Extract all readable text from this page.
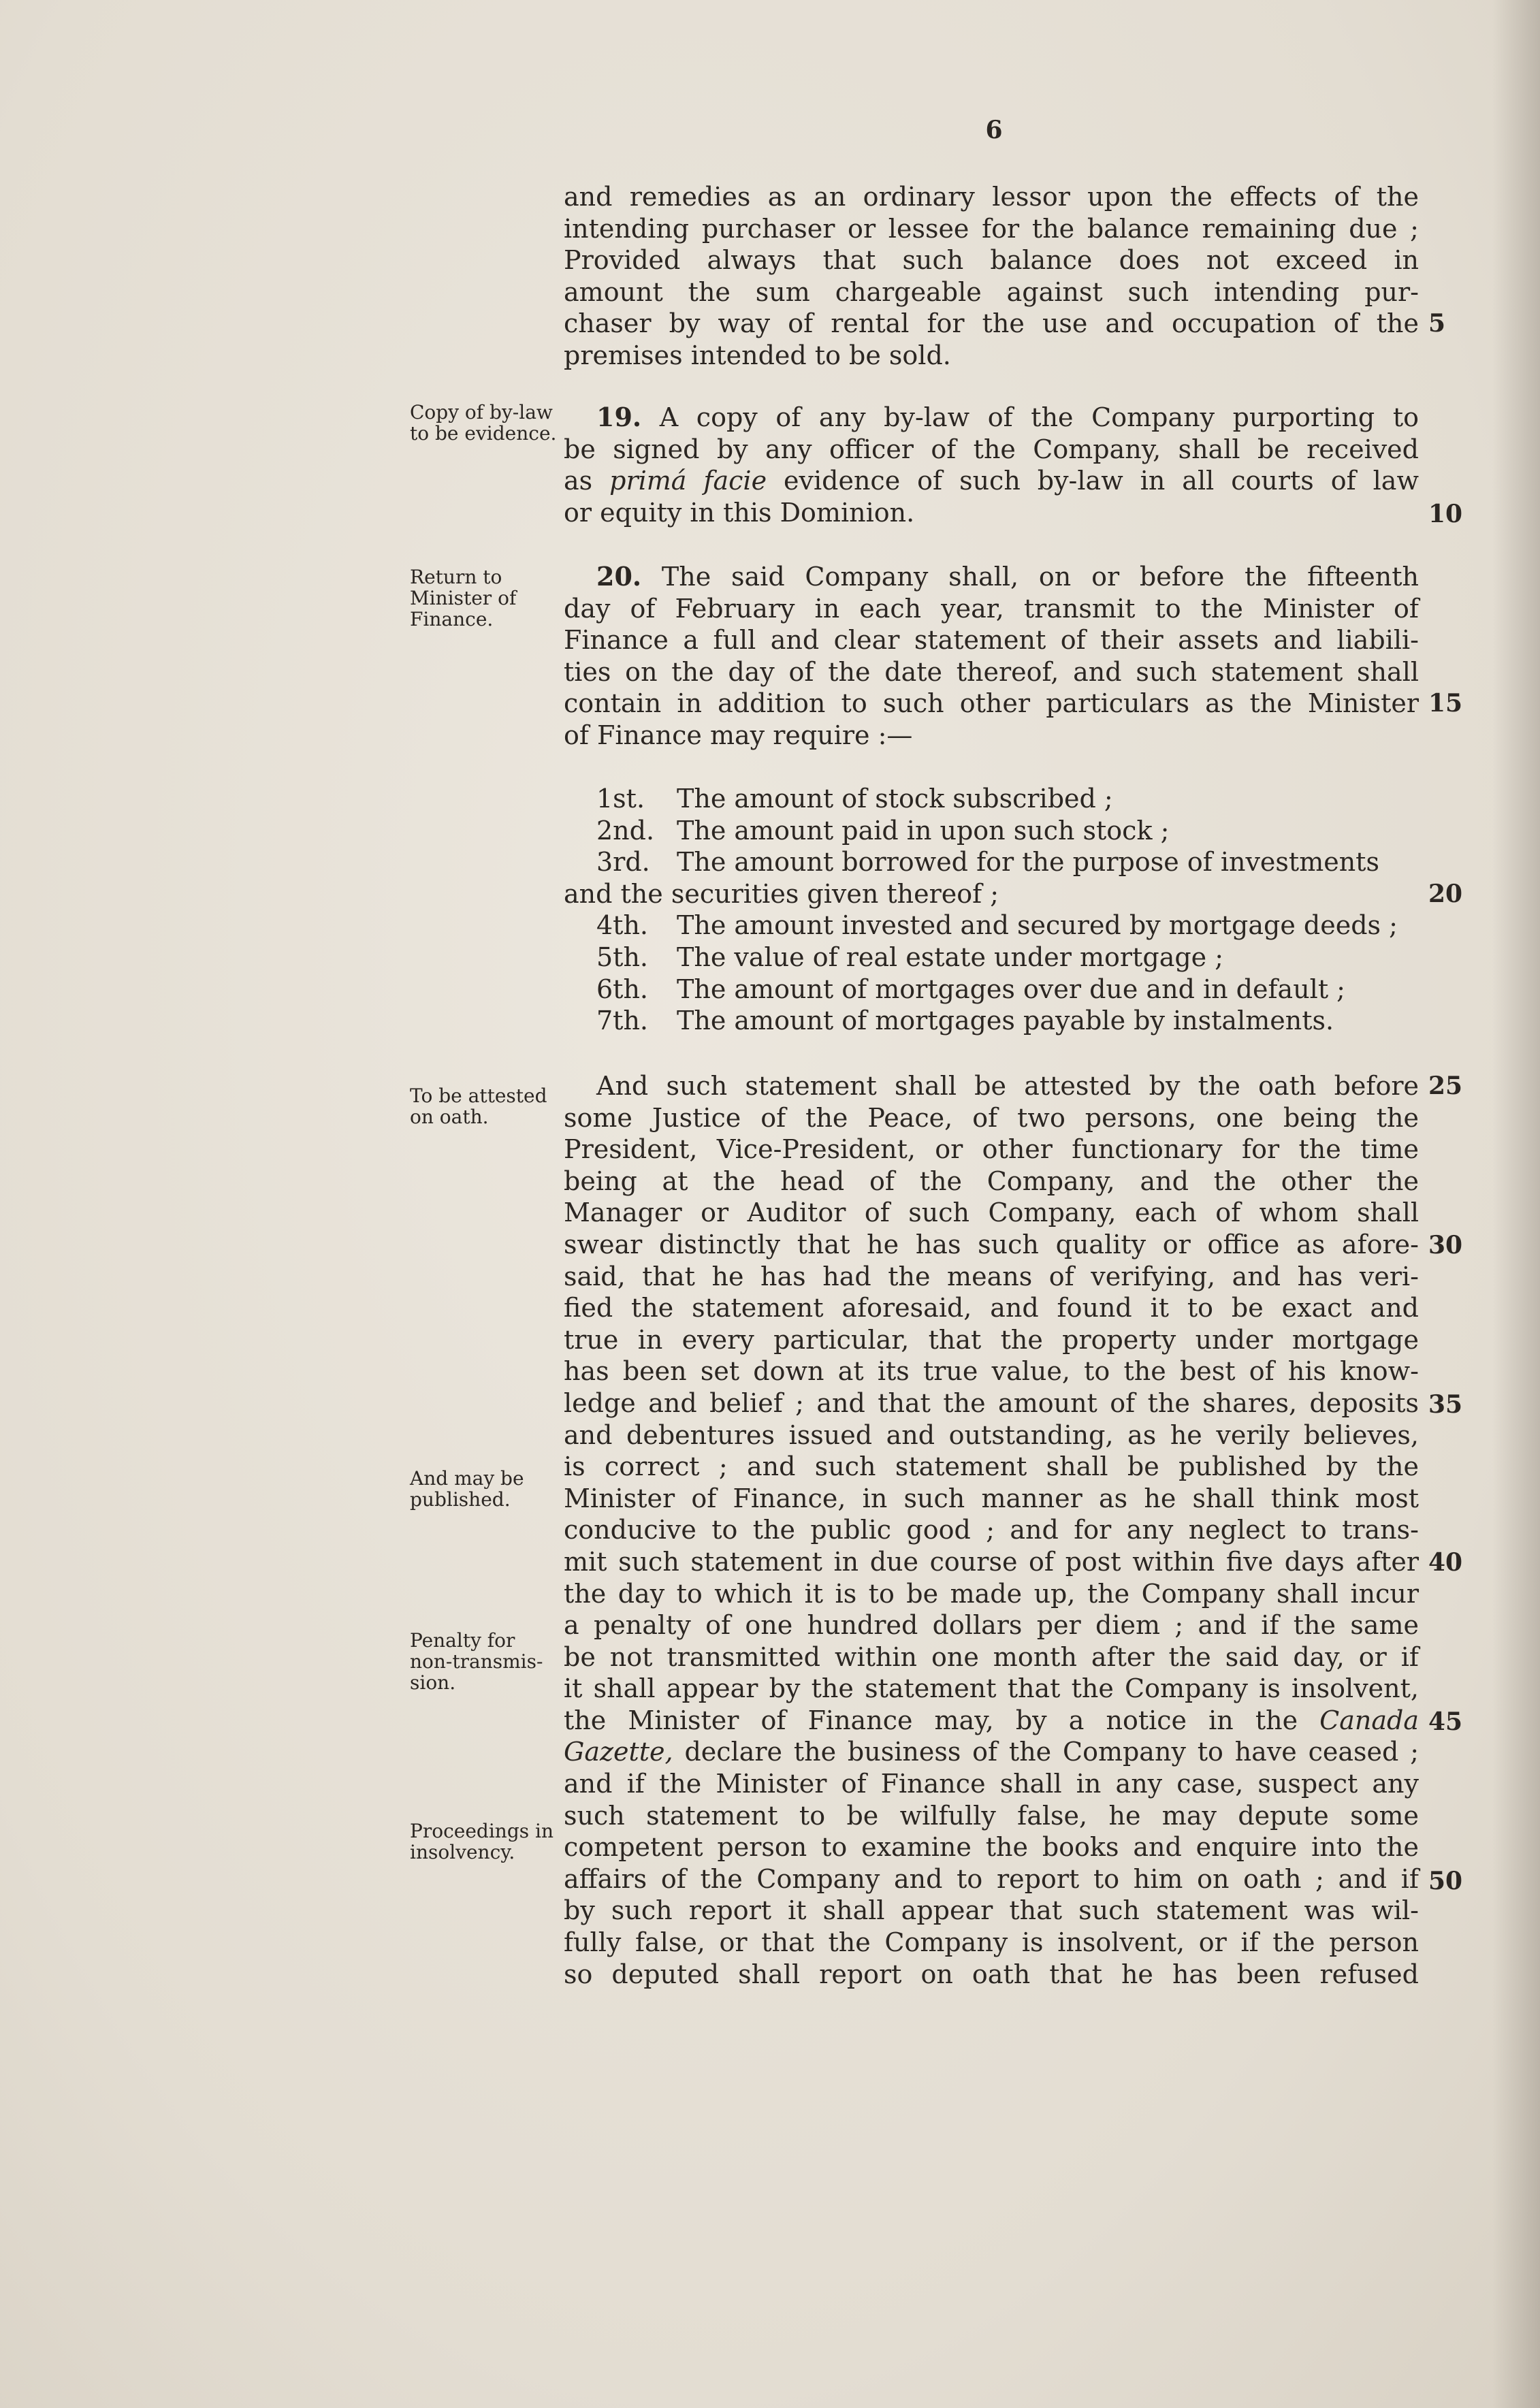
6
and remedies as an ordinary lessor upon the effects of the
intending purchaser or lessee for the balance remaining due ;
Provided always that such balance does not exceed in
amount the sum chargeable against such intending pur-
chaser by way of rental for the use and occupation of the
premises intended to be sold.
Copy of by-law to be evidence.
19. A copy of any by-law of the Company purporting to
be signed by any officer of the Company, shall be received
as primá facie evidence of such by-law in all courts of law
or equity in this Dominion.
Return to Minister of Finance.
20. The said Company shall, on or before the fifteenth
day of February in each year, transmit to the Minister of
Finance a full and clear statement of their assets and liabili-
ties on the day of the date thereof, and such statement shall
contain in addition to such other particulars as the Minister
of Finance may require :—
1st. The amount of stock subscribed ;
2nd. The amount paid in upon such stock ;
3rd. The amount borrowed for the purpose of investments
and the securities given thereof ;
4th. The amount invested and secured by mortgage deeds ;
5th. The value of real estate under mortgage ;
6th. The amount of mortgages over due and in default ;
7th. The amount of mortgages payable by instalments.
To be attested on oath.
And may be published.
Penalty for non-transmis-sion.
Proceedings in insolvency.
And such statement shall be attested by the oath before
some Justice of the Peace, of two persons, one being the
President, Vice-President, or other functionary for the time
being at the head of the Company, and the other the
Manager or Auditor of such Company, each of whom shall
swear distinctly that he has such quality or office as afore-
said, that he has had the means of verifying, and has veri-
fied the statement aforesaid, and found it to be exact and
true in every particular, that the property under mortgage
has been set down at its true value, to the best of his know-
ledge and belief ; and that the amount of the shares, deposits
and debentures issued and outstanding, as he verily believes,
is correct ; and such statement shall be published by the
Minister of Finance, in such manner as he shall think most
conducive to the public good ; and for any neglect to trans-
mit such statement in due course of post within five days after
the day to which it is to be made up, the Company shall incur
a penalty of one hundred dollars per diem ; and if the same
be not transmitted within one month after the said day, or if
it shall appear by the statement that the Company is insolvent,
the Minister of Finance may, by a notice in the Canada
Gazette, declare the business of the Company to have ceased ;
and if the Minister of Finance shall in any case, suspect any
such statement to be wilfully false, he may depute some
competent person to examine the books and enquire into the
affairs of the Company and to report to him on oath ; and if
by such report it shall appear that such statement was wil-
fully false, or that the Company is insolvent, or if the person
so deputed shall report on oath that he has been refused
5
10
15
20
25
30
35
40
45
50
